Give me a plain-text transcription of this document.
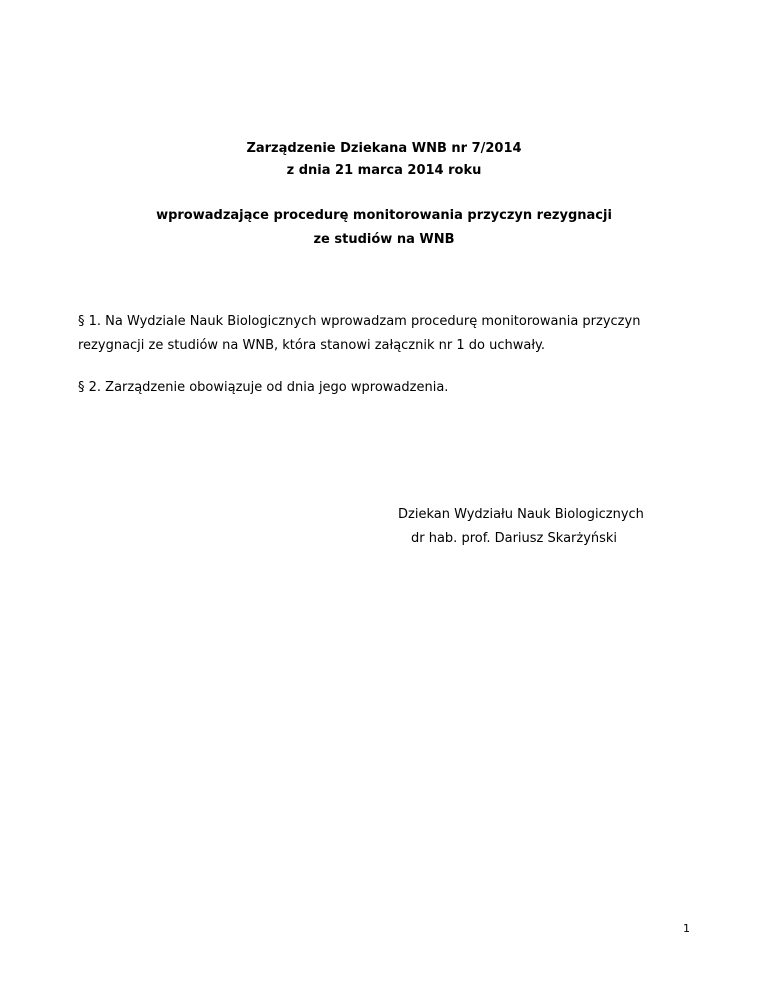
Zarządzenie Dziekana WNB nr 7/2014
z dnia 21 marca 2014 roku
wprowadzające procedurę monitorowania przyczyn rezygnacji
ze studiów na WNB
§ 1. Na Wydziale Nauk Biologicznych wprowadzam procedurę monitorowania przyczyn rezygnacji ze studiów na WNB, która stanowi załącznik nr 1 do uchwały.
§ 2. Zarządzenie obowiązuje od dnia jego wprowadzenia.
Dziekan Wydziału Nauk Biologicznych
dr hab. prof. Dariusz Skarżyński
1
